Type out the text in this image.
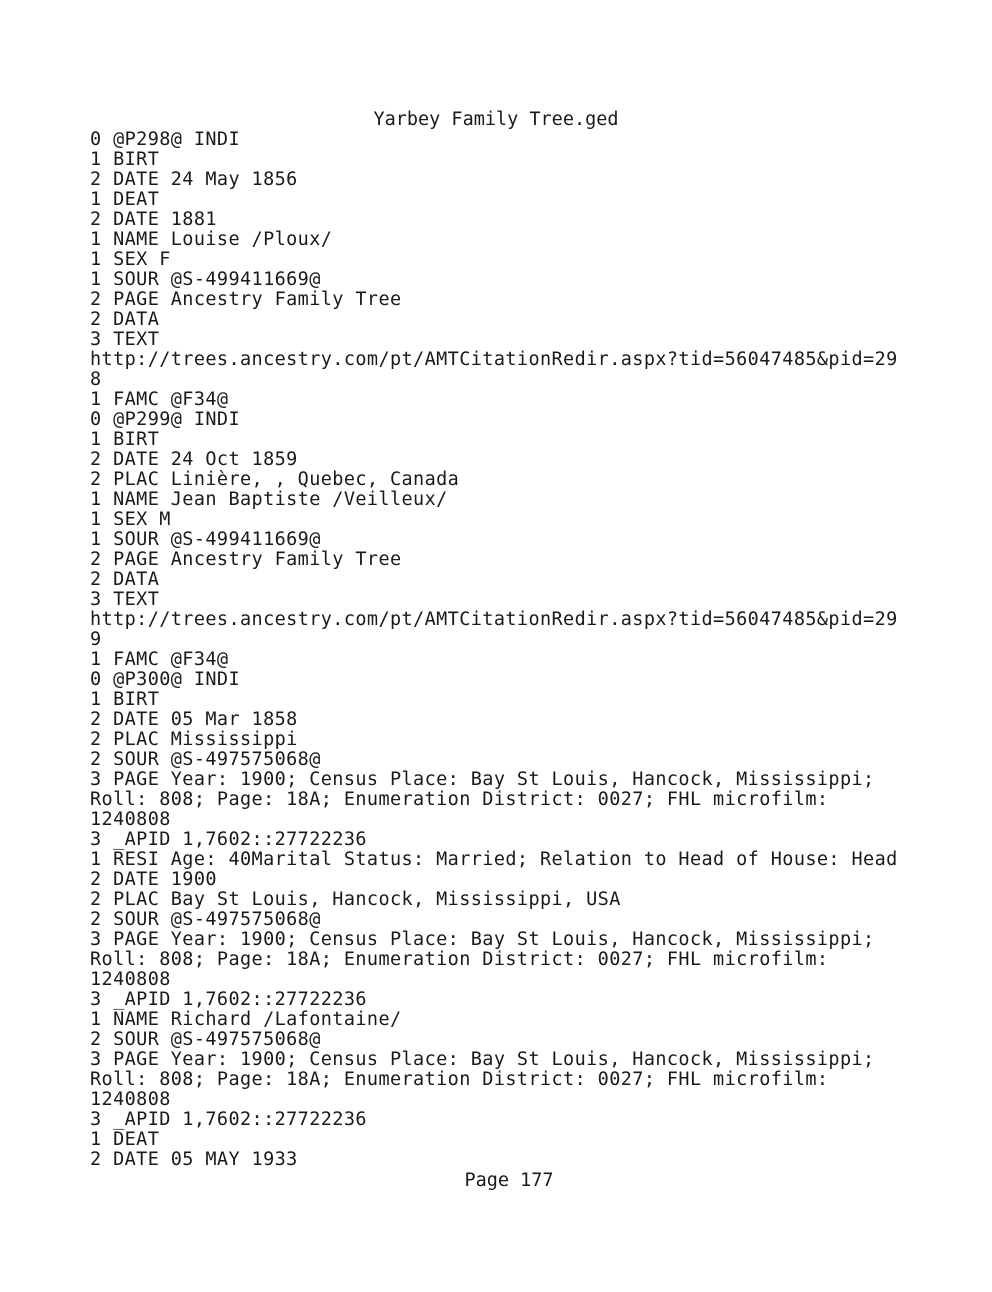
Yarbey Family Tree.ged
0 @P298@ INDI
1 BIRT
2 DATE 24 May 1856
1 DEAT
2 DATE 1881
1 NAME Louise /Ploux/
1 SEX F
1 SOUR @S-499411669@
2 PAGE Ancestry Family Tree
2 DATA
3 TEXT
http://trees.ancestry.com/pt/AMTCitationRedir.aspx?tid=56047485&pid=29
8
1 FAMC @F34@
0 @P299@ INDI
1 BIRT
2 DATE 24 Oct 1859
2 PLAC Linière, , Quebec, Canada
1 NAME Jean Baptiste /Veilleux/
1 SEX M
1 SOUR @S-499411669@
2 PAGE Ancestry Family Tree
2 DATA
3 TEXT
http://trees.ancestry.com/pt/AMTCitationRedir.aspx?tid=56047485&pid=29
9
1 FAMC @F34@
0 @P300@ INDI
1 BIRT
2 DATE 05 Mar 1858
2 PLAC Mississippi
2 SOUR @S-497575068@
3 PAGE Year: 1900; Census Place: Bay St Louis, Hancock, Mississippi;
Roll: 808; Page: 18A; Enumeration District: 0027; FHL microfilm:
1240808
3 _APID 1,7602::27722236
1 RESI Age: 40Marital Status: Married; Relation to Head of House: Head
2 DATE 1900
2 PLAC Bay St Louis, Hancock, Mississippi, USA
2 SOUR @S-497575068@
3 PAGE Year: 1900; Census Place: Bay St Louis, Hancock, Mississippi;
Roll: 808; Page: 18A; Enumeration District: 0027; FHL microfilm:
1240808
3 _APID 1,7602::27722236
1 NAME Richard /Lafontaine/
2 SOUR @S-497575068@
3 PAGE Year: 1900; Census Place: Bay St Louis, Hancock, Mississippi;
Roll: 808; Page: 18A; Enumeration District: 0027; FHL microfilm:
1240808
3 _APID 1,7602::27722236
1 DEAT
2 DATE 05 MAY 1933
Page 177
